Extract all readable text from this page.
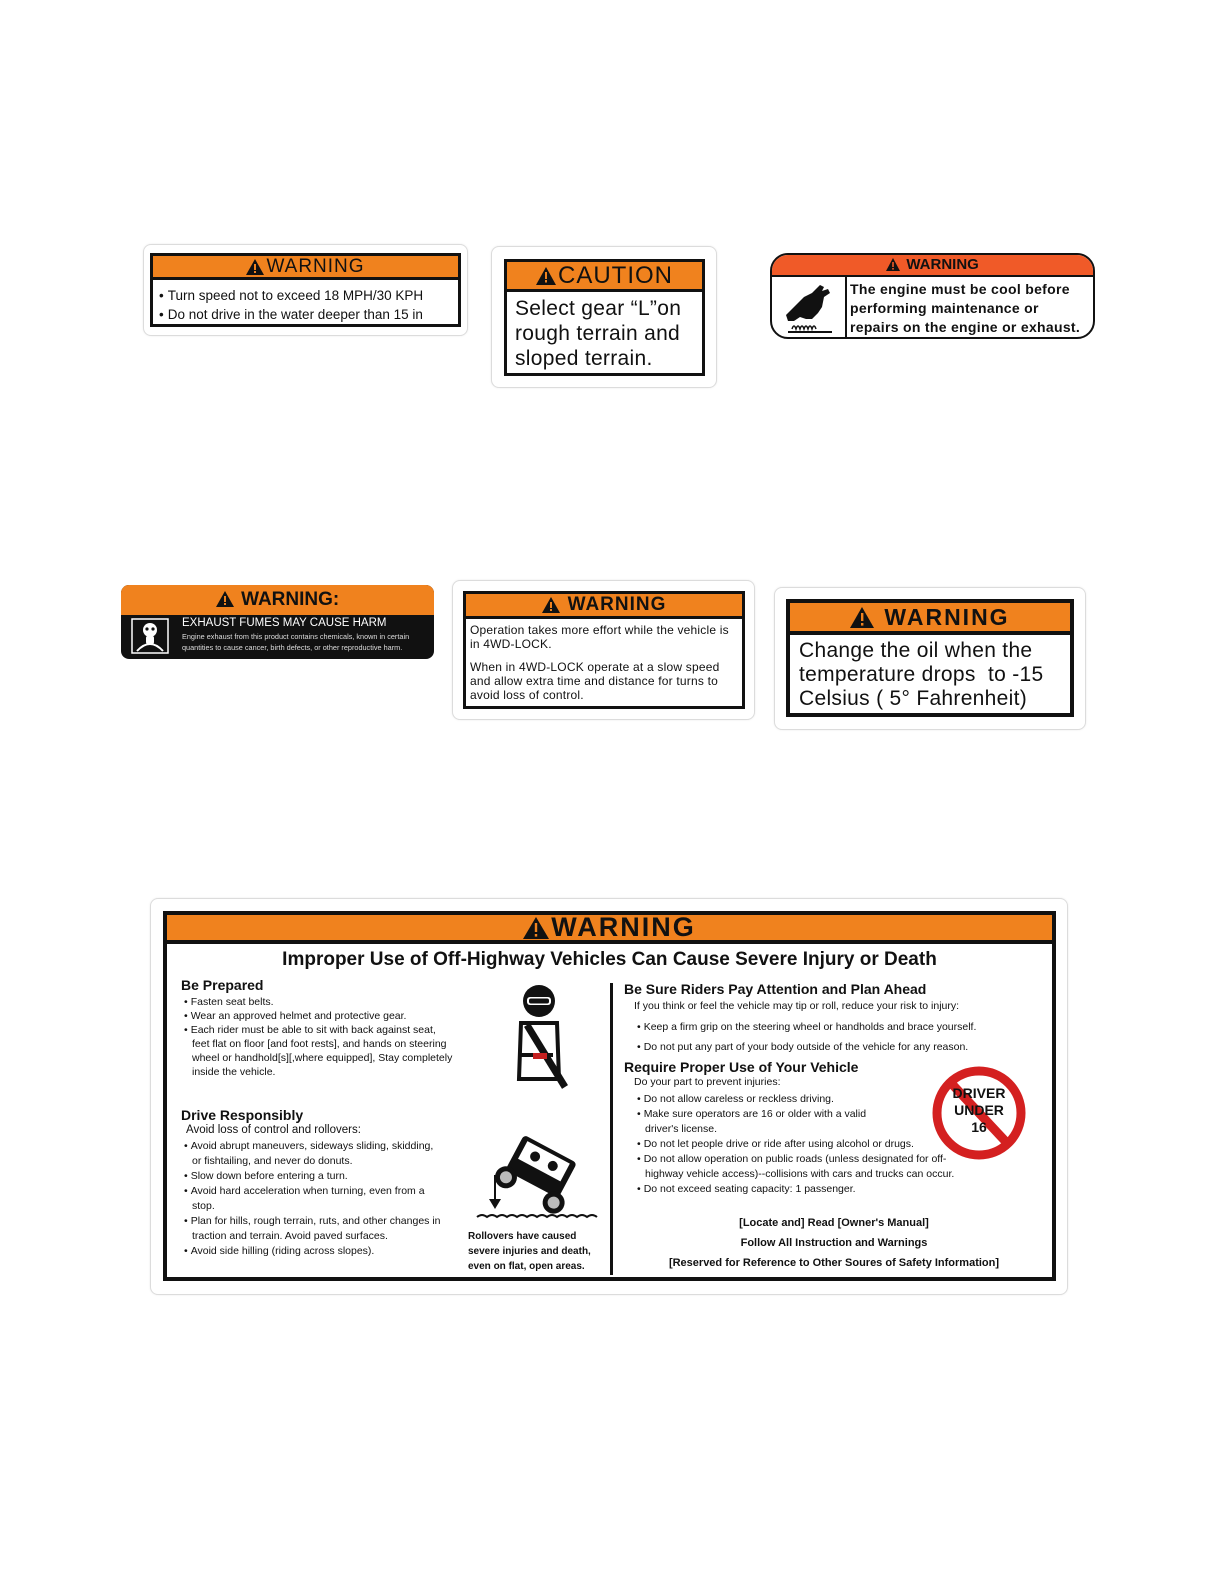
WARNING
• Turn speed not to exceed 18 MPH/30 KPH
• Do not drive in the water deeper than 15 in
CAUTION
Select gear “L”on
rough terrain and
sloped terrain.
WARNING
The engine must be cool before
performing maintenance or
repairs on the engine or exhaust.
WARNING:
EXHAUST FUMES MAY CAUSE HARM
Engine exhaust from this product contains chemicals, known in certain quantities to cause cancer, birth defects, or other reproductive harm.
WARNING
Operation takes more effort while the vehicle is in 4WD-LOCK.
When in 4WD-LOCK operate at a slow speed and allow extra time and distance for turns to avoid loss of control.
WARNING
Change the oil when the
temperature drops  to -15
Celsius ( 5° Fahrenheit)
WARNING
Improper Use of Off-Highway Vehicles Can Cause Severe Injury or Death
Be Prepared
• Fasten seat belts.
• Wear an approved helmet and protective gear.
• Each rider must be able to sit with back against seat, feet flat on floor [and foot rests], and hands on steering wheel or handhold[s][,where equipped], Stay completely inside the vehicle.
Drive Responsibly
Avoid loss of control and rollovers:
• Avoid abrupt maneuvers, sideways sliding, skidding, or fishtailing, and never do donuts.
• Slow down before entering a turn.
• Avoid hard acceleration when turning, even from a stop.
• Plan for hills, rough terrain, ruts, and other changes in traction and terrain. Avoid paved surfaces.
• Avoid side hilling (riding across slopes).
Rollovers have caused
severe injuries and death,
even on flat, open areas.
Be Sure Riders Pay Attention and Plan Ahead
If you think or feel the vehicle may tip or roll, reduce your risk to injury:
• Keep a firm grip on the steering wheel or handholds and brace yourself.
• Do not put any part of your body outside of the vehicle for any reason.
Require Proper Use of Your Vehicle
Do your part to prevent injuries:
• Do not allow careless or reckless driving.
• Make sure operators are 16 or older with a valid driver's license.
• Do not let people drive or ride after using alcohol or drugs.
• Do not allow operation on public roads (unless designated for off-highway vehicle access)--collisions with cars and trucks can occur.
• Do not exceed seating capacity: 1 passenger.
[Locate and] Read [Owner's Manual]
Follow All Instruction and Warnings
[Reserved for Reference to Other Soures of Safety Information]
DRIVER
UNDER
16
